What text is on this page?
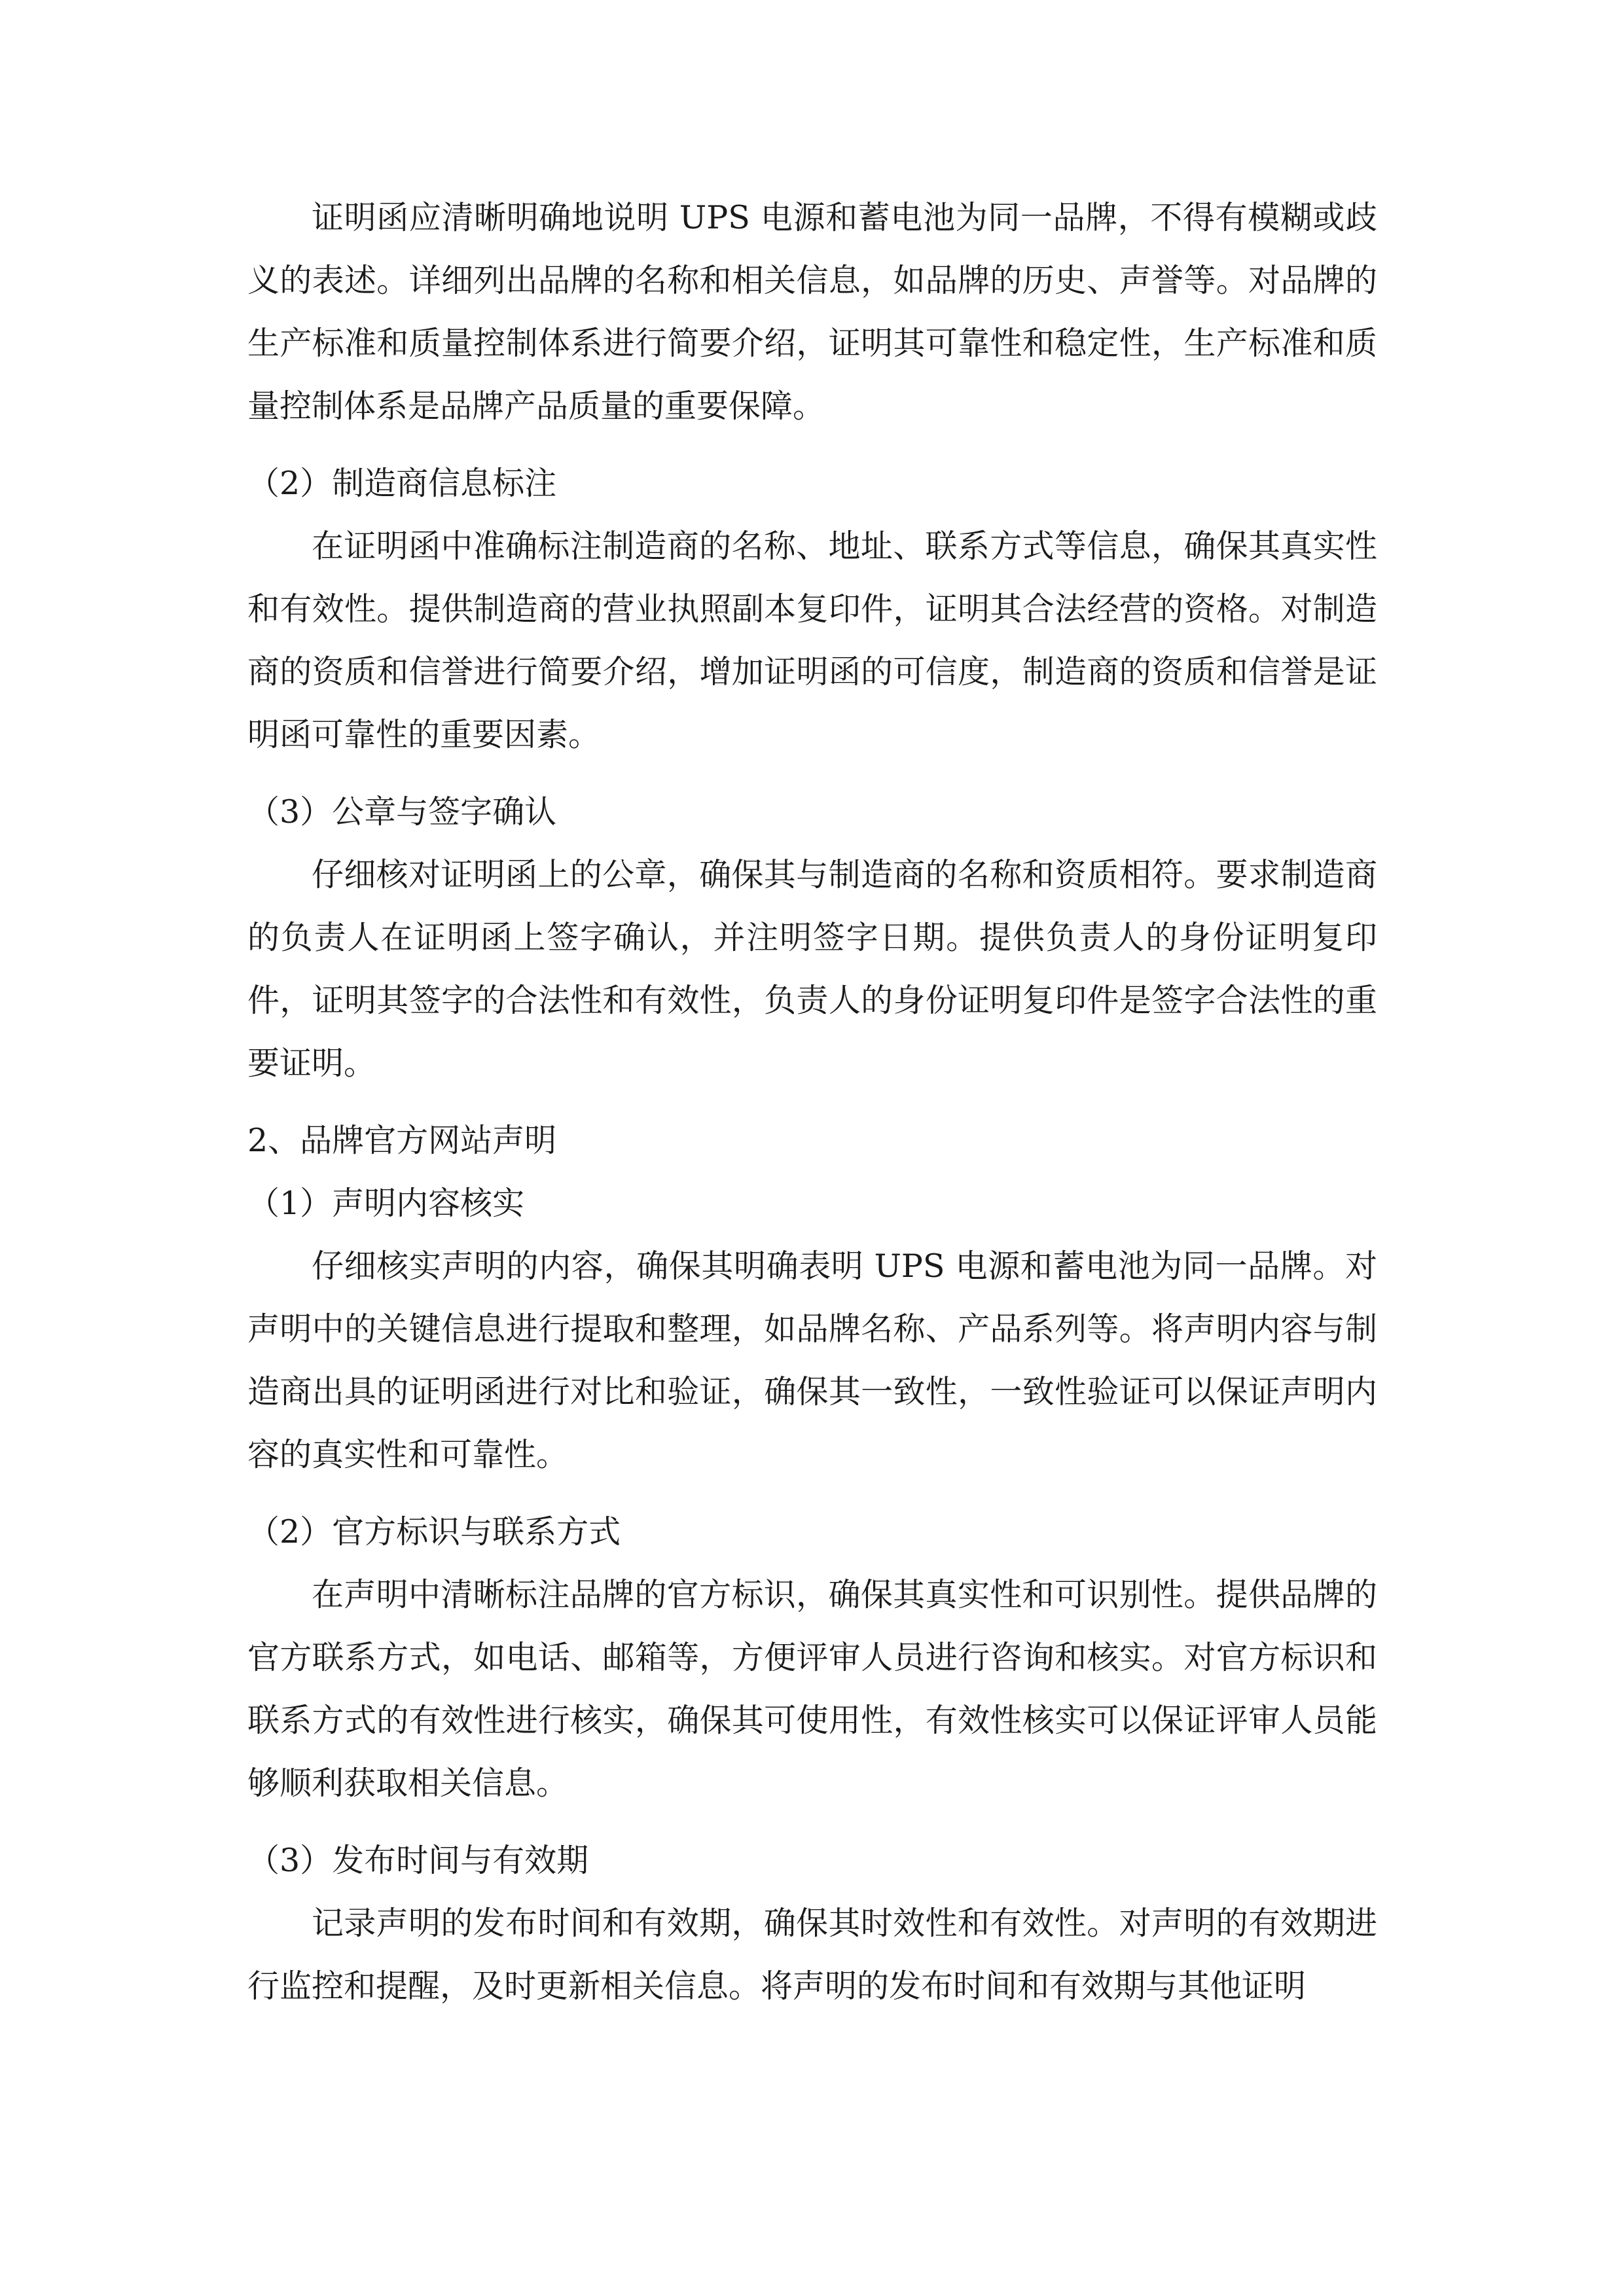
证明函应清晰明确地说明 UPS 电源和蓄电池为同一品牌，不得有模糊或歧义的表述。详细列出品牌的名称和相关信息，如品牌的历史、声誉等。对品牌的生产标准和质量控制体系进行简要介绍，证明其可靠性和稳定性，生产标准和质量控制体系是品牌产品质量的重要保障。

（2）制造商信息标注

在证明函中准确标注制造商的名称、地址、联系方式等信息，确保其真实性和有效性。提供制造商的营业执照副本复印件，证明其合法经营的资格。对制造商的资质和信誉进行简要介绍，增加证明函的可信度，制造商的资质和信誉是证明函可靠性的重要因素。

（3）公章与签字确认

仔细核对证明函上的公章，确保其与制造商的名称和资质相符。要求制造商的负责人在证明函上签字确认，并注明签字日期。提供负责人的身份证明复印件，证明其签字的合法性和有效性，负责人的身份证明复印件是签字合法性的重要证明。

2、品牌官方网站声明

（1）声明内容核实

仔细核实声明的内容，确保其明确表明 UPS 电源和蓄电池为同一品牌。对声明中的关键信息进行提取和整理，如品牌名称、产品系列等。将声明内容与制造商出具的证明函进行对比和验证，确保其一致性，一致性验证可以保证声明内容的真实性和可靠性。

（2）官方标识与联系方式

在声明中清晰标注品牌的官方标识，确保其真实性和可识别性。提供品牌的官方联系方式，如电话、邮箱等，方便评审人员进行咨询和核实。对官方标识和联系方式的有效性进行核实，确保其可使用性，有效性核实可以保证评审人员能够顺利获取相关信息。

（3）发布时间与有效期

记录声明的发布时间和有效期，确保其时效性和有效性。对声明的有效期进行监控和提醒，及时更新相关信息。将声明的发布时间和有效期与其他证明
